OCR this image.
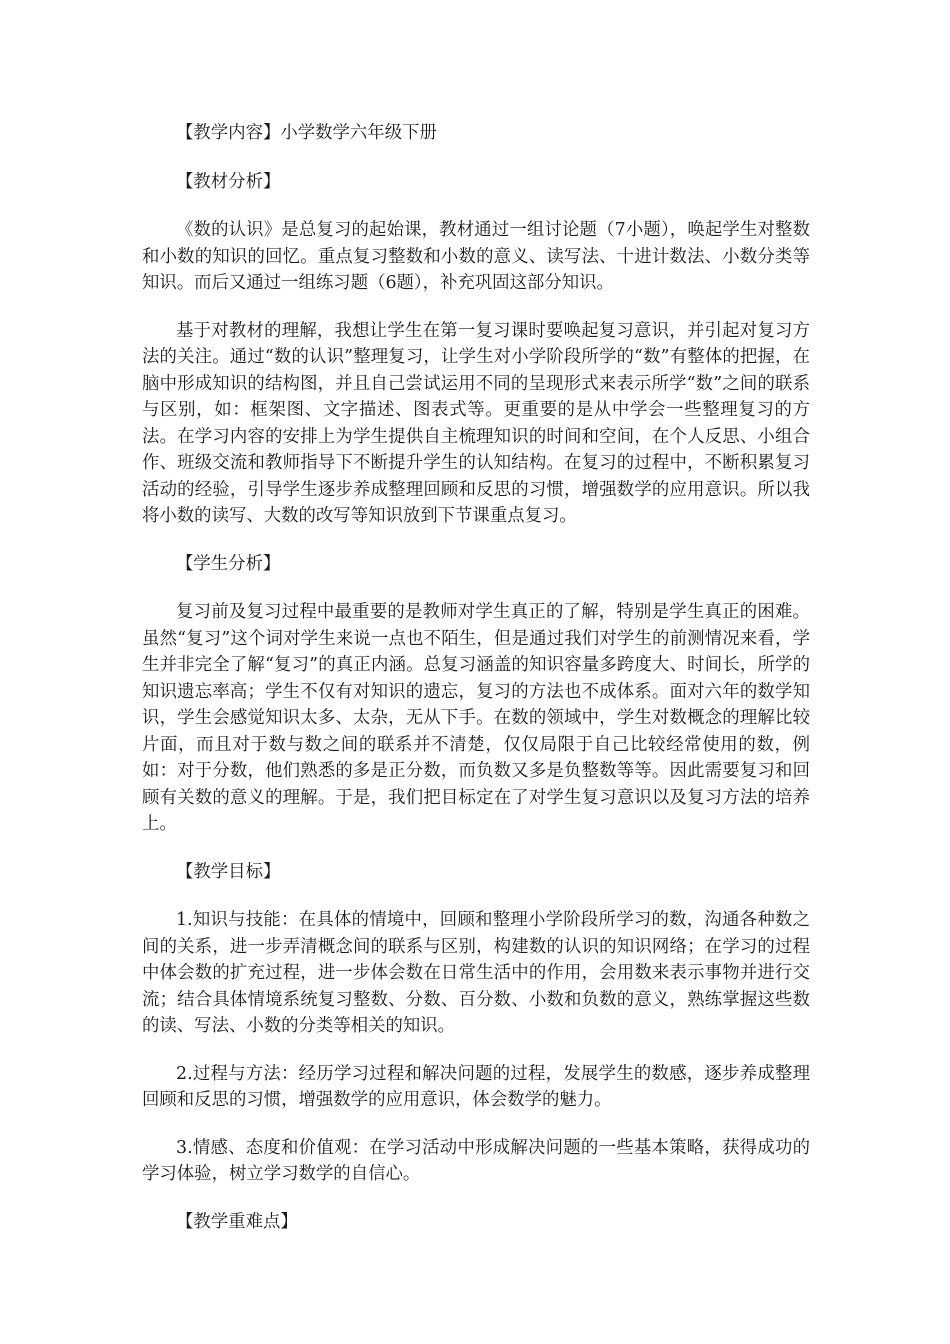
【教学内容】小学数学六年级下册

【教材分析】

《数的认识》是总复习的起始课，教材通过一组讨论题（7小题），唤起学生对整数和小数的知识的回忆。重点复习整数和小数的意义、读写法、十进计数法、小数分类等知识。而后又通过一组练习题（6题），补充巩固这部分知识。

基于对教材的理解，我想让学生在第一复习课时要唤起复习意识，并引起对复习方法的关注。通过“数的认识”整理复习，让学生对小学阶段所学的“数”有整体的把握，在脑中形成知识的结构图，并且自己尝试运用不同的呈现形式来表示所学“数”之间的联系与区别，如：框架图、文字描述、图表式等。更重要的是从中学会一些整理复习的方法。在学习内容的安排上为学生提供自主梳理知识的时间和空间，在个人反思、小组合作、班级交流和教师指导下不断提升学生的认知结构。在复习的过程中，不断积累复习活动的经验，引导学生逐步养成整理回顾和反思的习惯，增强数学的应用意识。所以我将小数的读写、大数的改写等知识放到下节课重点复习。

【学生分析】

复习前及复习过程中最重要的是教师对学生真正的了解，特别是学生真正的困难。虽然“复习”这个词对学生来说一点也不陌生，但是通过我们对学生的前测情况来看，学生并非完全了解“复习”的真正内涵。总复习涵盖的知识容量多跨度大、时间长，所学的知识遗忘率高；学生不仅有对知识的遗忘，复习的方法也不成体系。面对六年的数学知识，学生会感觉知识太多、太杂，无从下手。在数的领域中，学生对数概念的理解比较片面，而且对于数与数之间的联系并不清楚，仅仅局限于自己比较经常使用的数，例如：对于分数，他们熟悉的多是正分数，而负数又多是负整数等等。因此需要复习和回顾有关数的意义的理解。于是，我们把目标定在了对学生复习意识以及复习方法的培养上。

【教学目标】

1.知识与技能：在具体的情境中，回顾和整理小学阶段所学习的数，沟通各种数之间的关系，进一步弄清概念间的联系与区别，构建数的认识的知识网络；在学习的过程中体会数的扩充过程，进一步体会数在日常生活中的作用，会用数来表示事物并进行交流；结合具体情境系统复习整数、分数、百分数、小数和负数的意义，熟练掌握这些数的读、写法、小数的分类等相关的知识。

2.过程与方法：经历学习过程和解决问题的过程，发展学生的数感，逐步养成整理回顾和反思的习惯，增强数学的应用意识，体会数学的魅力。

3.情感、态度和价值观：在学习活动中形成解决问题的一些基本策略，获得成功的学习体验，树立学习数学的自信心。

【教学重难点】
